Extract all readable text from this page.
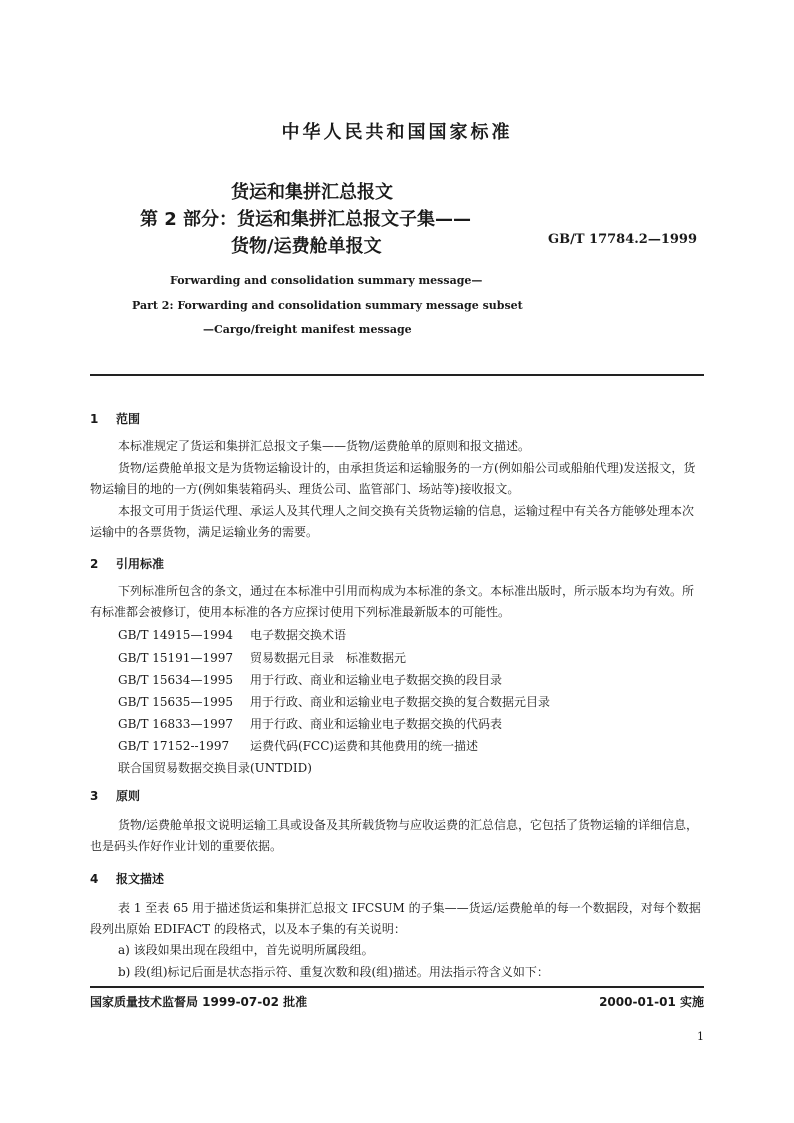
中华人民共和国国家标准
货运和集拼汇总报文
第 2 部分：货运和集拼汇总报文子集——
货物/运费舱单报文	GB/T 17784.2—1999
Forwarding and consolidation summary message—
Part 2: Forwarding and consolidation summary message subset
—Cargo/freight manifest message
1 范围
本标准规定了货运和集拼汇总报文子集——货物/运费舱单的原则和报文描述。
货物/运费舱单报文是为货物运输设计的，由承担货运和运输服务的一方(例如船公司或船舶代理)发送报文，货物运输目的地的一方(例如集装箱码头、理货公司、监管部门、场站等)接收报文。
本报文可用于货运代理、承运人及其代理人之间交换有关货物运输的信息，运输过程中有关各方能够处理本次运输中的各票货物，满足运输业务的需要。
2 引用标准
下列标准所包含的条文，通过在本标准中引用而构成为本标准的条文。本标准出版时，所示版本均为有效。所有标准都会被修订，使用本标准的各方应探讨使用下列标准最新版本的可能性。
GB/T 14915—1994 电子数据交换术语
GB/T 15191—1997 贸易数据元目录　标准数据元
GB/T 15634—1995 用于行政、商业和运输业电子数据交换的段目录
GB/T 15635—1995 用于行政、商业和运输业电子数据交换的复合数据元目录
GB/T 16833—1997 用于行政、商业和运输业电子数据交换的代码表
GB/T 17152--1997 运费代码(FCC)运费和其他费用的统一描述
联合国贸易数据交换目录(UNTDID)
3 原则
货物/运费舱单报文说明运输工具或设备及其所载货物与应收运费的汇总信息，它包括了货物运输的详细信息，也是码头作好作业计划的重要依据。
4 报文描述
表 1 至表 65 用于描述货运和集拼汇总报文 IFCSUM 的子集——货运/运费舱单的每一个数据段，对每个数据段列出原始 EDIFACT 的段格式，以及本子集的有关说明：
a) 该段如果出现在段组中，首先说明所属段组。
b) 段(组)标记后面是状态指示符、重复次数和段(组)描述。用法指示符含义如下：
国家质量技术监督局 1999-07-02 批准	2000-01-01 实施
1
